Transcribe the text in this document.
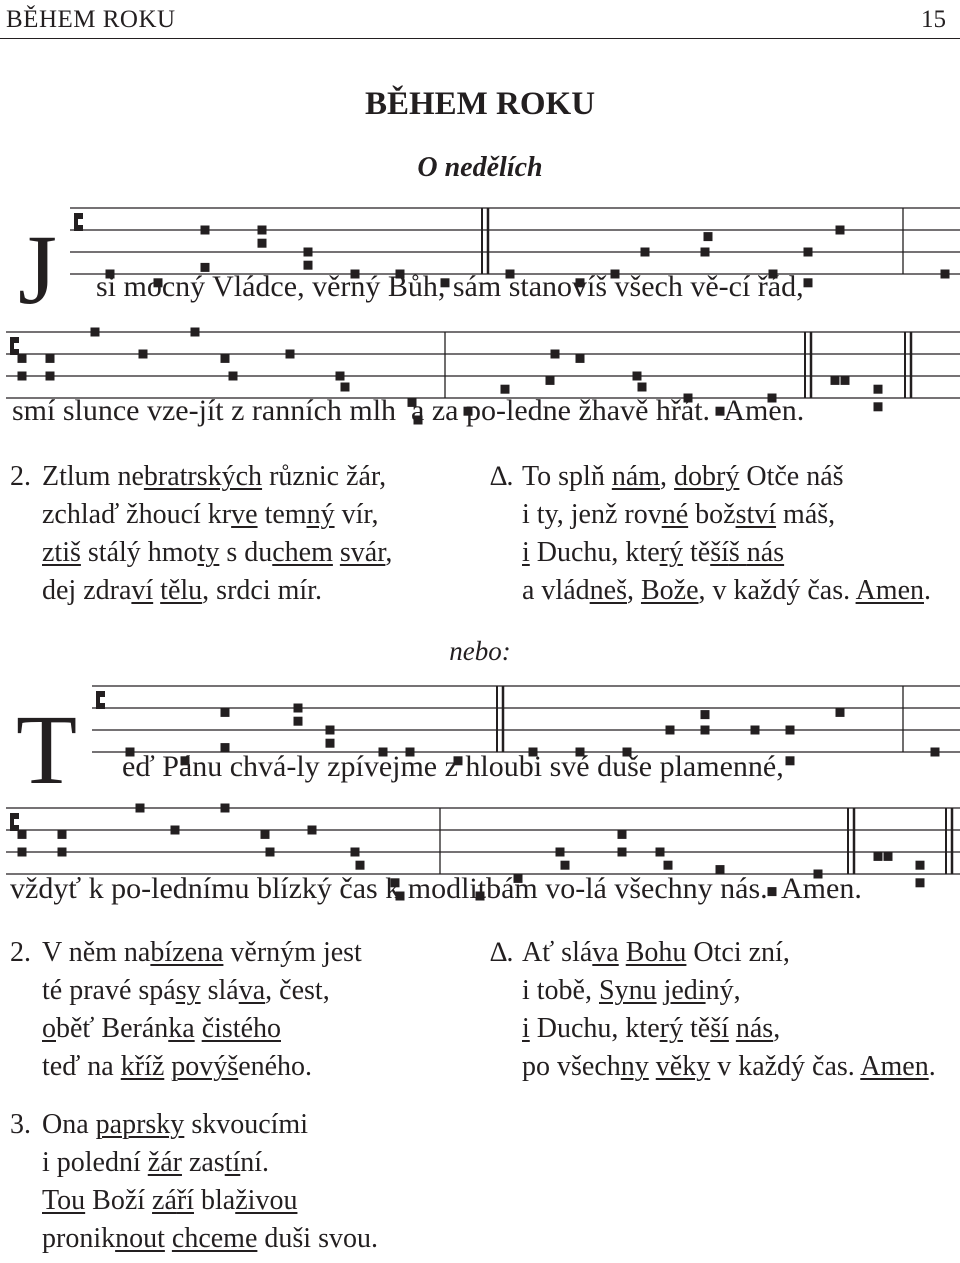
BĚHEM ROKU	15
BĚHEM ROKU
O nedělích
J si mocný Vládce, věrný Bůh, sám stanovíš všech vě-cí řád,
smí slunce vze-jít z ranních mlh  a za po-ledne žhavě hřát.  Amen.
2. Ztlum nebratrských různic žár,
zchlaď žhoucí krve temný vír,
ztiš stálý hmoty s duchem svár,
dej zdraví tělu, srdci mír.
∆. To splň nám, dobrý Otče náš
i ty, jenž rovné božství máš,
i Duchu, který těšíš nás
a vládneš, Bože, v každý čas. Amen.
nebo:
T eď Pánu chvá-ly zpívejme z hloubi své duše plamenné,
vždyť k po-lednímu blízký čas k modlitbám vo-lá všechny nás.  Amen.
2. V něm nabízena věrným jest
té pravé spásy sláva, čest,
oběť Beránka čistého
teď na kříž povýšeného.
∆. Ať sláva Bohu Otci zní,
i tobě, Synu jediný,
i Duchu, který těší nás,
po všechny věky v každý čas. Amen.
3. Ona paprsky skvoucími
i polední žár zastíní.
Tou Boží září blaživou
proniknout chceme duši svou.
